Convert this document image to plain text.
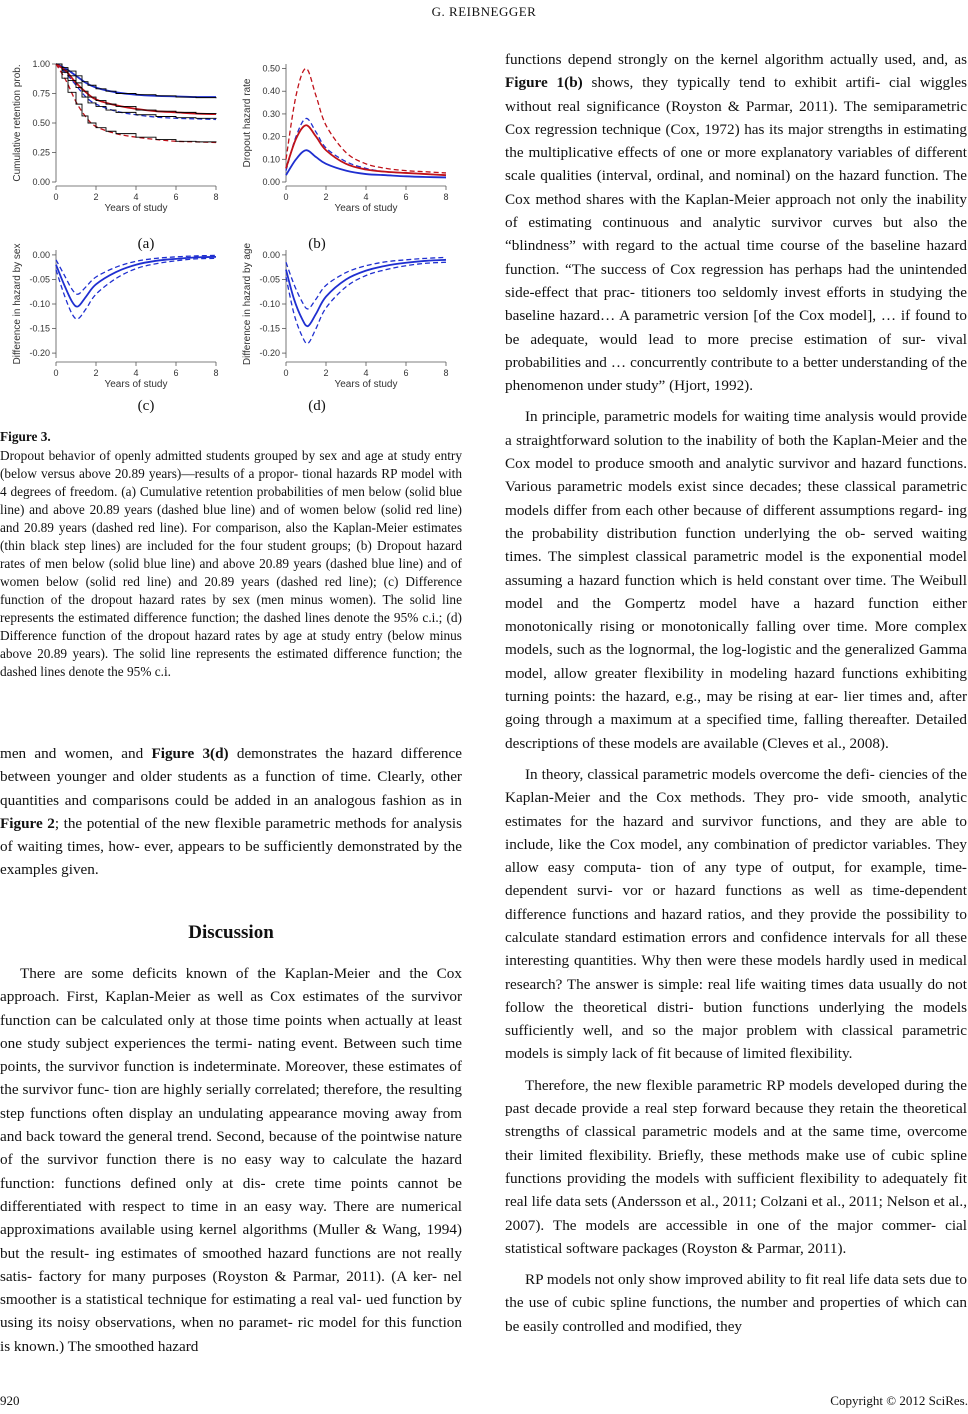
G. REIBNEGGER
0.00
0.25
0.50
0.75
1.00
0	2	4	6	8
Years of study
Cumulative retention prob.
(a)
0.00
0.10
0.20
0.30
0.40
0.50
0	2	4	6	8
Years of study
Dropout hazard rate
(b)
-0.20
-0.15
-0.10
-0.05
0.00
0	2	4	6	8
Years of study
Difference in hazard by sex
(c)
-0.20
-0.15
-0.10
-0.05
0.00
0	2	4	6	8
Years of study
Difference in hazard by age
(d)
Figure 3.

Dropout behavior of openly admitted students grouped by sex and age at study entry (below versus above 20.89 years)—results of a propor- tional hazards RP model with 4 degrees of freedom. (a) Cumulative retention probabilities of men below (solid blue line) and above 20.89 years (dashed blue line) and of women below (solid red line) and 20.89 years (dashed red line). For comparison, also the Kaplan-Meier estimates (thin black step lines) are included for the four student groups; (b) Dropout hazard rates of men below (solid blue line) and above 20.89 years (dashed blue line) and of women below (solid red line) and 20.89 years (dashed red line); (c) Difference function of the dropout hazard rates by sex (men minus women). The solid line represents the estimated difference function; the dashed lines denote the 95% c.i.; (d) Difference function of the dropout hazard rates by age at study entry (below minus above 20.89 years). The solid line represents the estimated difference function; the dashed lines denote the 95% c.i.

men and women, and Figure 3(d) demonstrates the hazard difference between younger and older students as a function of time. Clearly, other quantities and comparisons could be added in an analogous fashion as in Figure 2; the potential of the new flexible parametric methods for analysis of waiting times, how- ever, appears to be sufficiently demonstrated by the examples given.

Discussion

There are some deficits known of the Kaplan-Meier and the Cox approach. First, Kaplan-Meier as well as Cox estimates of the survivor function can be calculated only at those time points when actually at least one study subject experiences the termi- nating event. Between such time points, the survivor function is indeterminate. Moreover, these estimates of the survivor func- tion are highly serially correlated; therefore, the resulting step functions often display an undulating appearance moving away from and back toward the general trend. Second, because of the pointwise nature of the survivor function there is no easy way to calculate the hazard function: functions defined only at dis- crete time points cannot be differentiated with respect to time in an easy way. There are numerical approximations available using kernel algorithms (Muller & Wang, 1994) but the result- ing estimates of smoothed hazard functions are not really satis- factory for many purposes (Royston & Parmar, 2011). (A ker- nel smoother is a statistical technique for estimating a real val- ued function by using its noisy observations, when no paramet- ric model for this function is known.) The smoothed hazard

functions depend strongly on the kernel algorithm actually used, and, as Figure 1(b) shows, they typically tend to exhibit artifi- cial wiggles without real significance (Royston & Parmar, 2011). The semiparametric Cox regression technique (Cox, 1972) has its major strengths in estimating the multiplicative effects of one or more explanatory variables of different scale qualities (interval, ordinal, and nominal) on the hazard function. The Cox method shares with the Kaplan-Meier approach not only the inability of estimating continuous and analytic survivor curves but also the “blindness” with regard to the actual time course of the baseline hazard function. “The success of Cox regression has perhaps had the unintended side-effect that prac- titioners too seldomly invest efforts in studying the baseline hazard… A parametric version [of the Cox model], … if found to be adequate, would lead to more precise estimation of sur- vival probabilities and … concurrently contribute to a better understanding of the phenomenon under study” (Hjort, 1992).

In principle, parametric models for waiting time analysis would provide a straightforward solution to the inability of both the Kaplan-Meier and the Cox model to produce smooth and analytic survivor and hazard functions. Various parametric models exist since decades; these classical parametric models differ from each other because of different assumptions regard- ing the probability distribution function underlying the ob- served waiting times. The simplest classical parametric model is the exponential model assuming a hazard function which is held constant over time. The Weibull model and the Gompertz model have a hazard function either monotonically rising or monotonically falling over time. More complex models, such as the lognormal, the log-logistic and the generalized Gamma model, allow greater flexibility in modeling hazard functions exhibiting turning points: the hazard, e.g., may be rising at ear- lier times and, after going through a maximum at a specified time, falling thereafter. Detailed descriptions of these models are available (Cleves et al., 2008).

In theory, classical parametric models overcome the defi- ciencies of the Kaplan-Meier and the Cox methods. They pro- vide smooth, analytic estimates for the hazard and survivor functions, and they are able to include, like the Cox model, any combination of predictor variables. They allow easy computa- tion of any type of output, for example, time-dependent survi- vor or hazard functions as well as time-dependent difference functions and hazard ratios, and they provide the possibility to calculate standard estimation errors and confidence intervals for all these interesting quantities. Why then were these models hardly used in medical research? The answer is simple: real life waiting times data usually do not follow the theoretical distri- bution functions underlying the models sufficiently well, and so the major problem with classical parametric models is simply lack of fit because of limited flexibility.

Therefore, the new flexible parametric RP models developed during the past decade provide a real step forward because they retain the theoretical strengths of classical parametric models and at the same time, overcome their limited flexibility. Briefly, these methods make use of cubic spline functions providing the models with sufficient flexibility to adequately fit real life data sets (Andersson et al., 2011; Colzani et al., 2011; Nelson et al., 2007). The models are accessible in one of the major commer- cial statistical software packages (Royston & Parmar, 2011).

RP models not only show improved ability to fit real life data sets due to the use of cubic spline functions, the number and properties of which can be easily controlled and modified, they

920	Copyright © 2012 SciRes.
